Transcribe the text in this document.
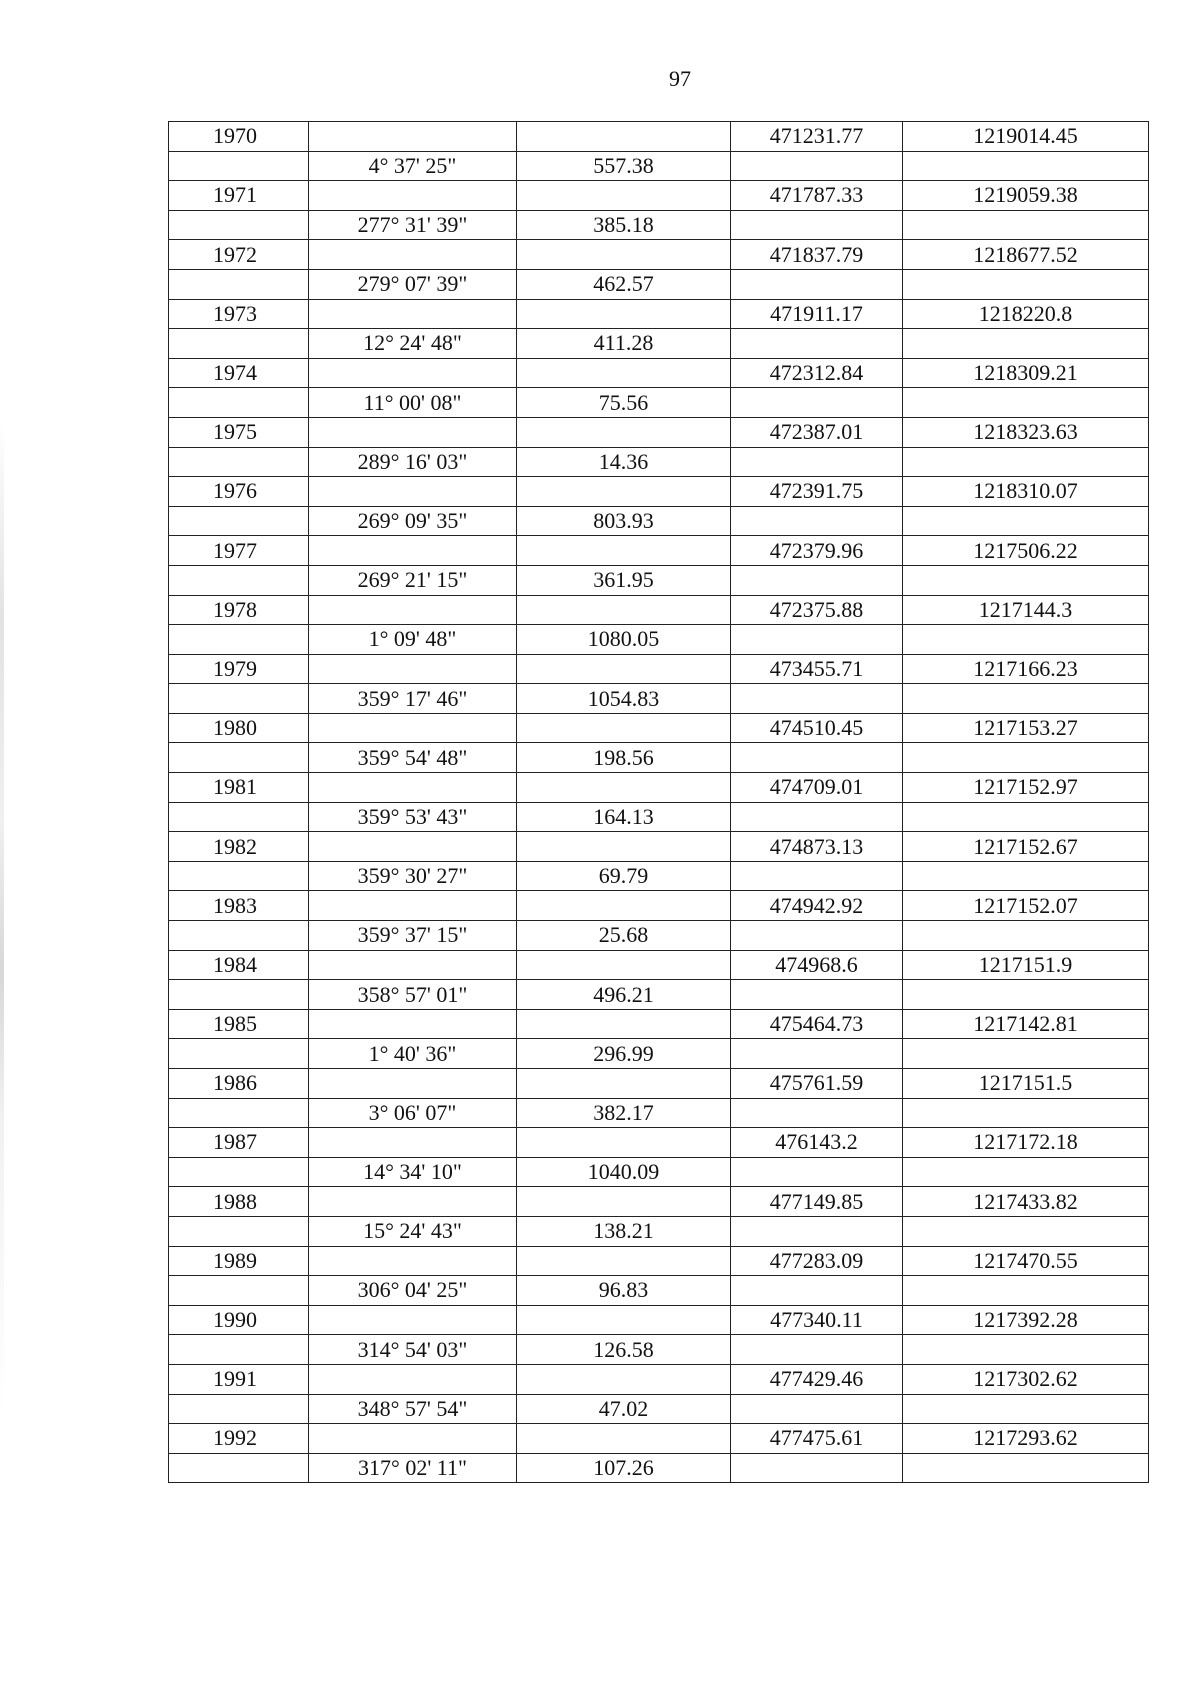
97
1970			471231.77	1219014.45
	4° 37' 25"	557.38		
1971			471787.33	1219059.38
	277° 31' 39"	385.18		
1972			471837.79	1218677.52
	279° 07' 39"	462.57		
1973			471911.17	1218220.8
	12° 24' 48"	411.28		
1974			472312.84	1218309.21
	11° 00' 08"	75.56		
1975			472387.01	1218323.63
	289° 16' 03"	14.36		
1976			472391.75	1218310.07
	269° 09' 35"	803.93		
1977			472379.96	1217506.22
	269° 21' 15"	361.95		
1978			472375.88	1217144.3
	1° 09' 48"	1080.05		
1979			473455.71	1217166.23
	359° 17' 46"	1054.83		
1980			474510.45	1217153.27
	359° 54' 48"	198.56		
1981			474709.01	1217152.97
	359° 53' 43"	164.13		
1982			474873.13	1217152.67
	359° 30' 27"	69.79		
1983			474942.92	1217152.07
	359° 37' 15"	25.68		
1984			474968.6	1217151.9
	358° 57' 01"	496.21		
1985			475464.73	1217142.81
	1° 40' 36"	296.99		
1986			475761.59	1217151.5
	3° 06' 07"	382.17		
1987			476143.2	1217172.18
	14° 34' 10"	1040.09		
1988			477149.85	1217433.82
	15° 24' 43"	138.21		
1989			477283.09	1217470.55
	306° 04' 25"	96.83		
1990			477340.11	1217392.28
	314° 54' 03"	126.58		
1991			477429.46	1217302.62
	348° 57' 54"	47.02		
1992			477475.61	1217293.62
	317° 02' 11"	107.26		
